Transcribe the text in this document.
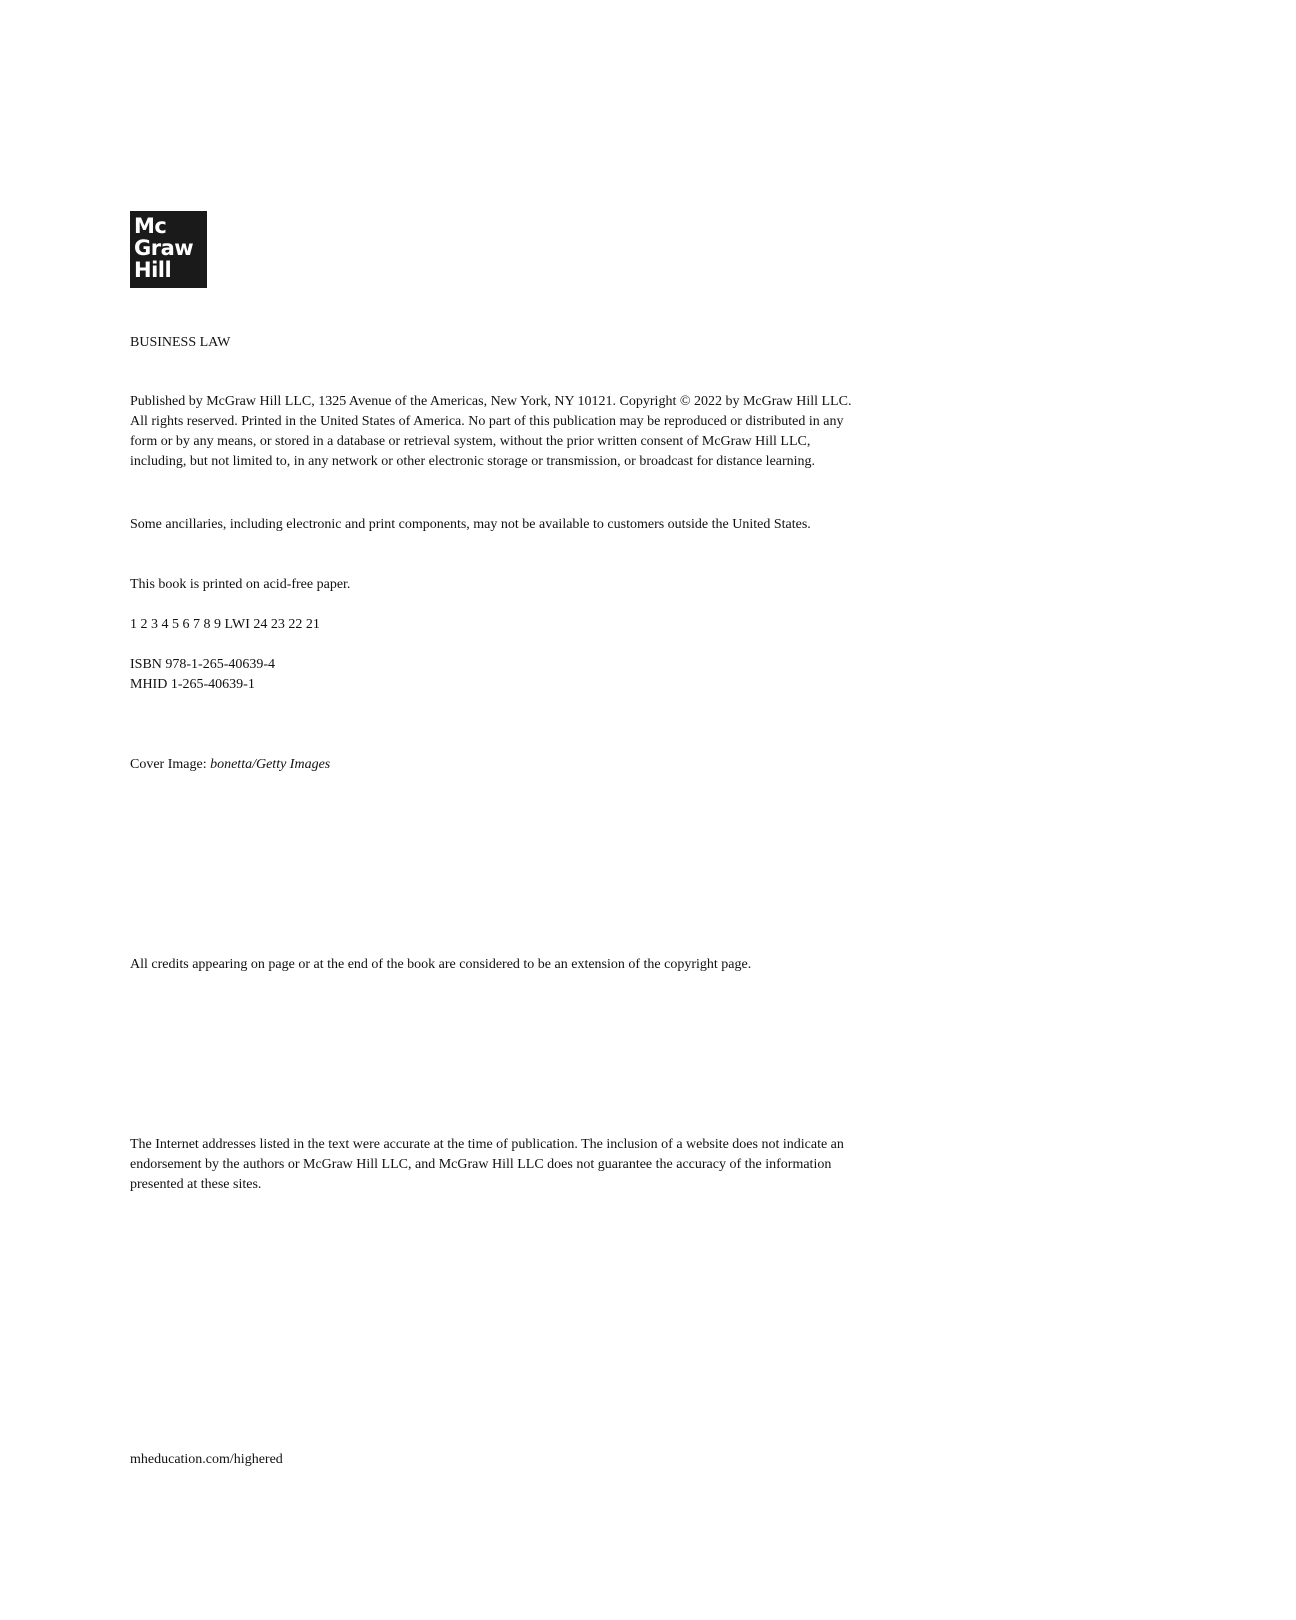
Mc
Graw
Hill

BUSINESS LAW

Published by McGraw Hill LLC, 1325 Avenue of the Americas, New York, NY 10121. Copyright © 2022 by McGraw Hill LLC. All rights reserved. Printed in the United States of America. No part of this publication may be reproduced or distributed in any form or by any means, or stored in a database or retrieval system, without the prior written consent of McGraw Hill LLC, including, but not limited to, in any network or other electronic storage or transmission, or broadcast for distance learning.

Some ancillaries, including electronic and print components, may not be available to customers outside the United States.

This book is printed on acid-free paper.

1 2 3 4 5 6 7 8 9 LWI 24 23 22 21

ISBN 978-1-265-40639-4

MHID 1-265-40639-1

Cover Image: bonetta/Getty Images

All credits appearing on page or at the end of the book are considered to be an extension of the copyright page.

The Internet addresses listed in the text were accurate at the time of publication. The inclusion of a website does not indicate an endorsement by the authors or McGraw Hill LLC, and McGraw Hill LLC does not guarantee the accuracy of the information presented at these sites.

mheducation.com/highered
